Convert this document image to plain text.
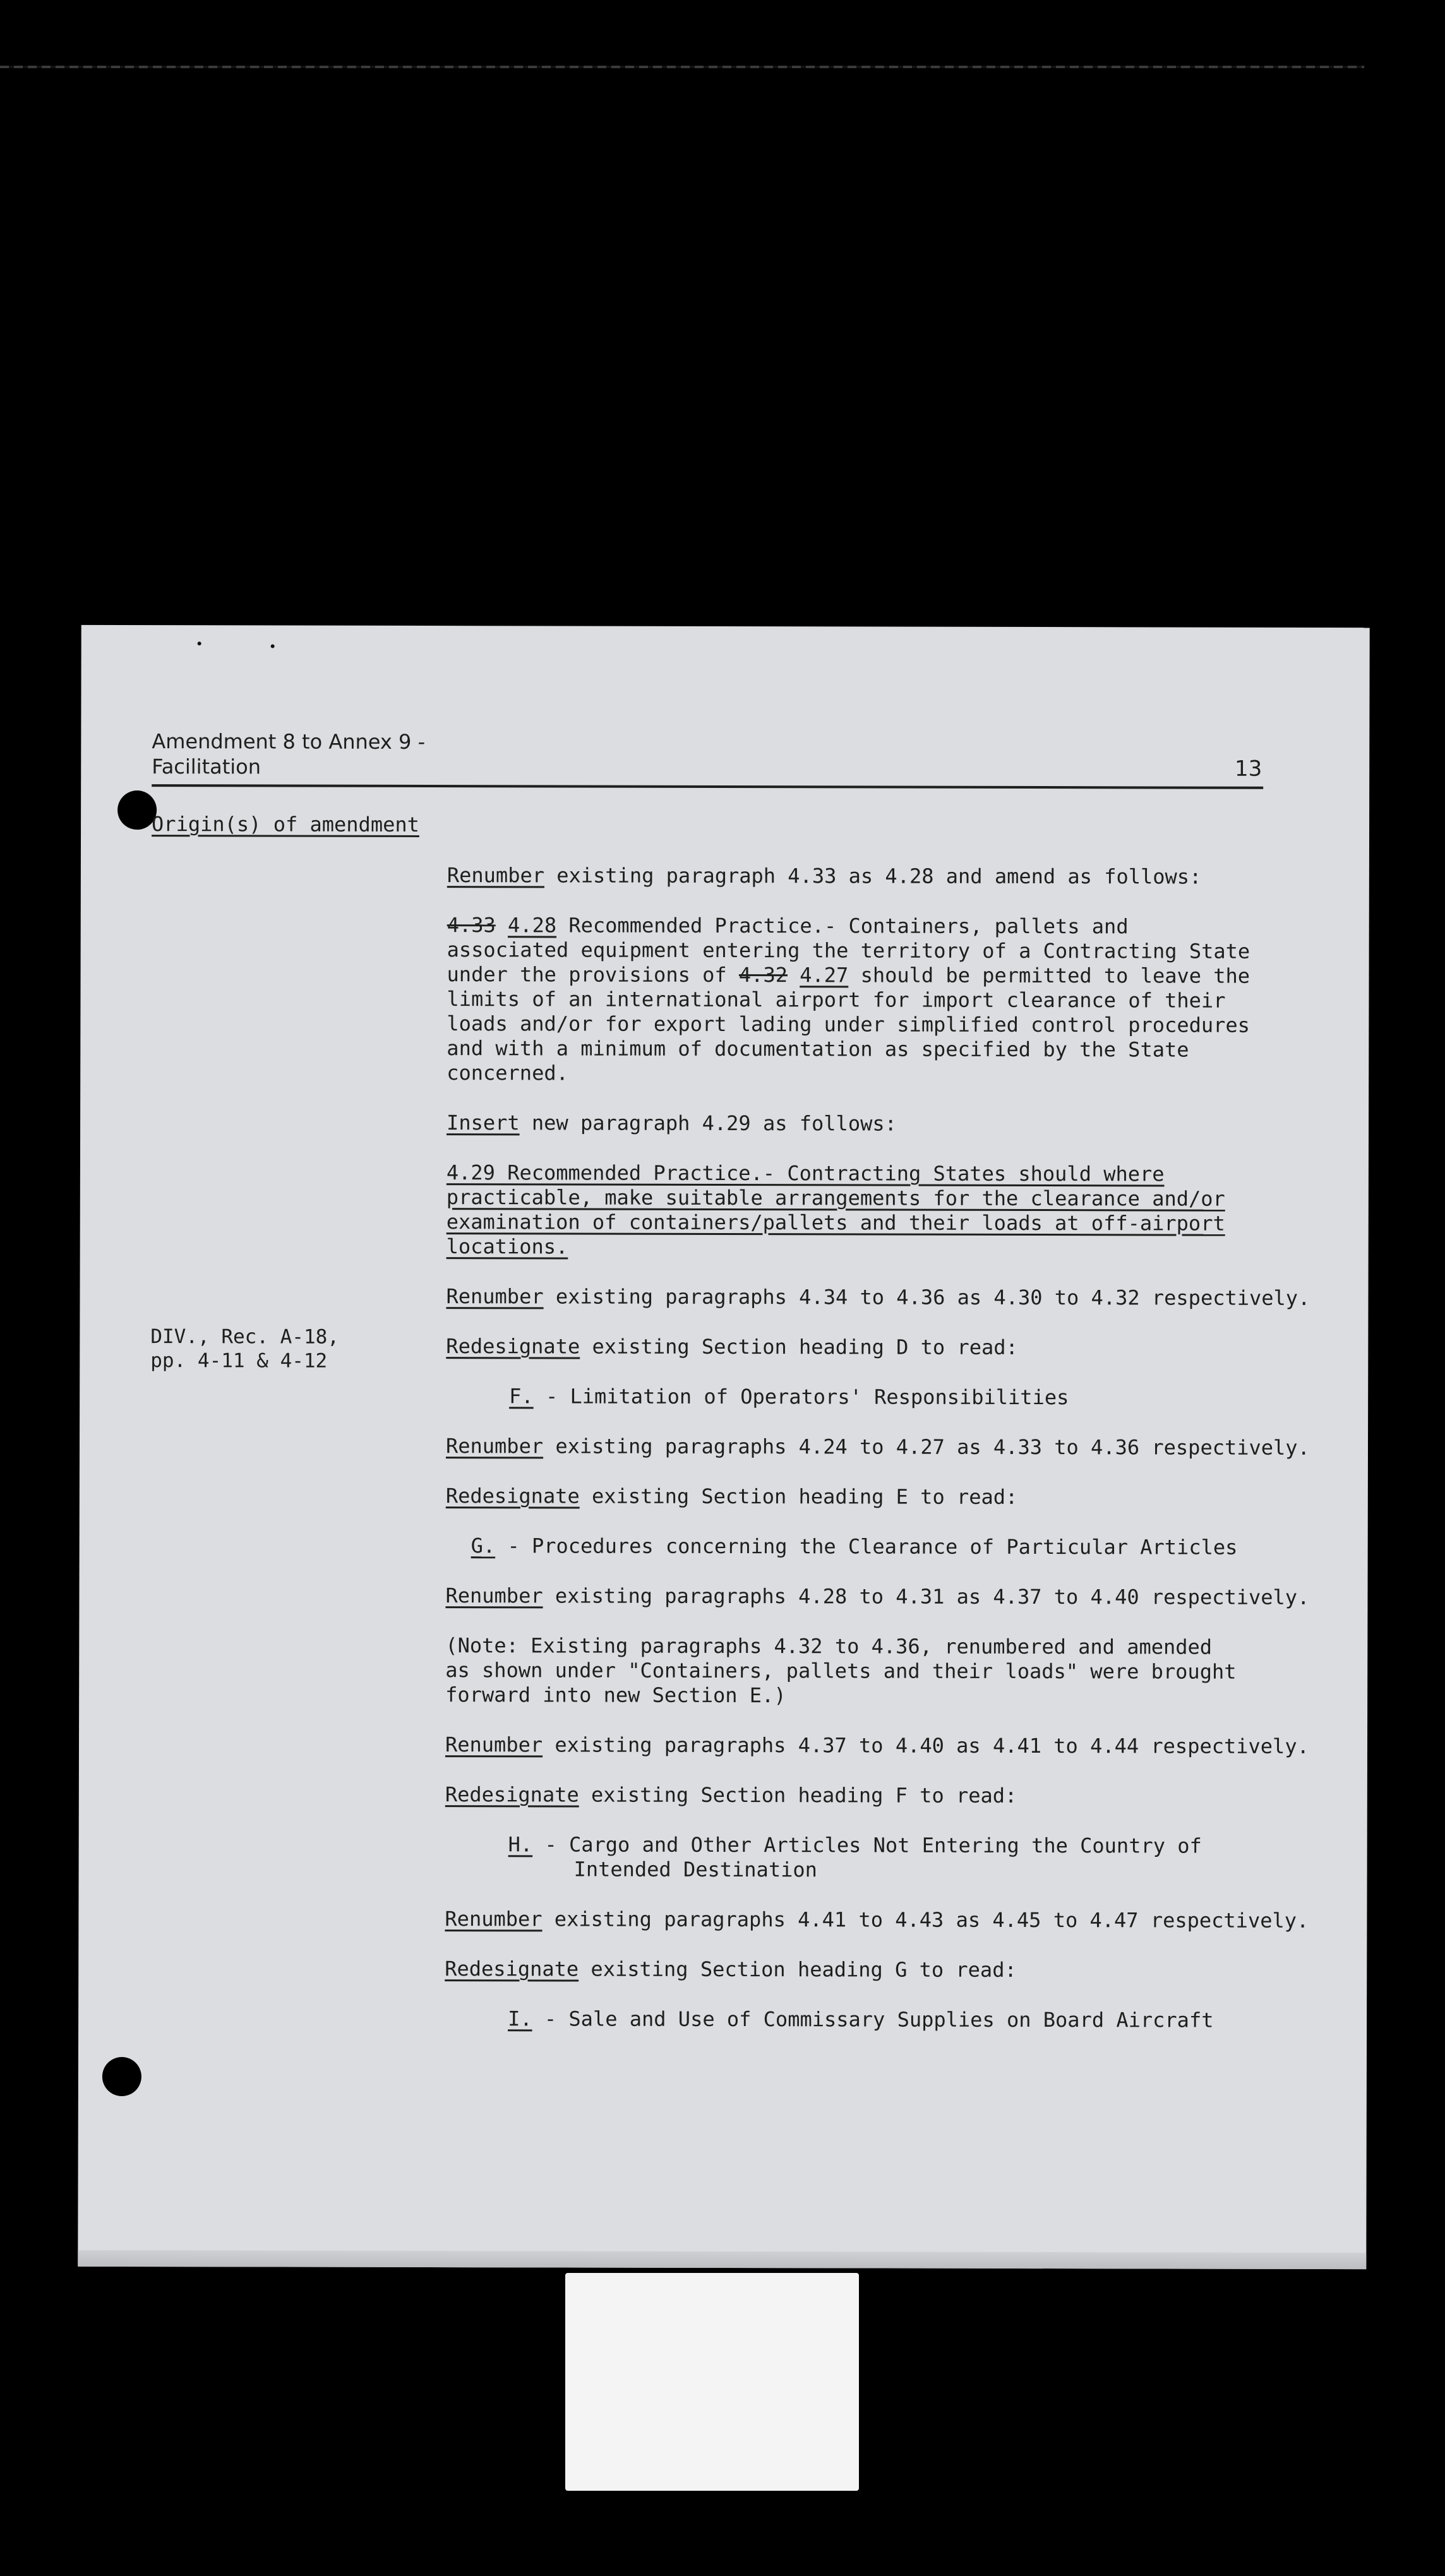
Amendment 8 to Annex 9 -
Facilitation	13
Origin(s) of amendment
DIV., Rec. A-18,
pp. 4-11 & 4-12
Renumber existing paragraph 4.33 as 4.28 and amend as follows:
4.33 4.28 Recommended Practice.- Containers, pallets and
associated equipment entering the territory of a Contracting State
under the provisions of 4.32 4.27 should be permitted to leave the
limits of an international airport for import clearance of their
loads and/or for export lading under simplified control procedures
and with a minimum of documentation as specified by the State
concerned.
Insert new paragraph 4.29 as follows:
4.29 Recommended Practice.- Contracting States should where
practicable, make suitable arrangements for the clearance and/or
examination of containers/pallets and their loads at off-airport
locations.
Renumber existing paragraphs 4.34 to 4.36 as 4.30 to 4.32 respectively.
Redesignate existing Section heading D to read:
F. - Limitation of Operators' Responsibilities
Renumber existing paragraphs 4.24 to 4.27 as 4.33 to 4.36 respectively.
Redesignate existing Section heading E to read:
G. - Procedures concerning the Clearance of Particular Articles
Renumber existing paragraphs 4.28 to 4.31 as 4.37 to 4.40 respectively.
(Note: Existing paragraphs 4.32 to 4.36, renumbered and amended
as shown under "Containers, pallets and their loads" were brought
forward into new Section E.)
Renumber existing paragraphs 4.37 to 4.40 as 4.41 to 4.44 respectively.
Redesignate existing Section heading F to read:
H. - Cargo and Other Articles Not Entering the Country of
Intended Destination
Renumber existing paragraphs 4.41 to 4.43 as 4.45 to 4.47 respectively.
Redesignate existing Section heading G to read:
I. - Sale and Use of Commissary Supplies on Board Aircraft
